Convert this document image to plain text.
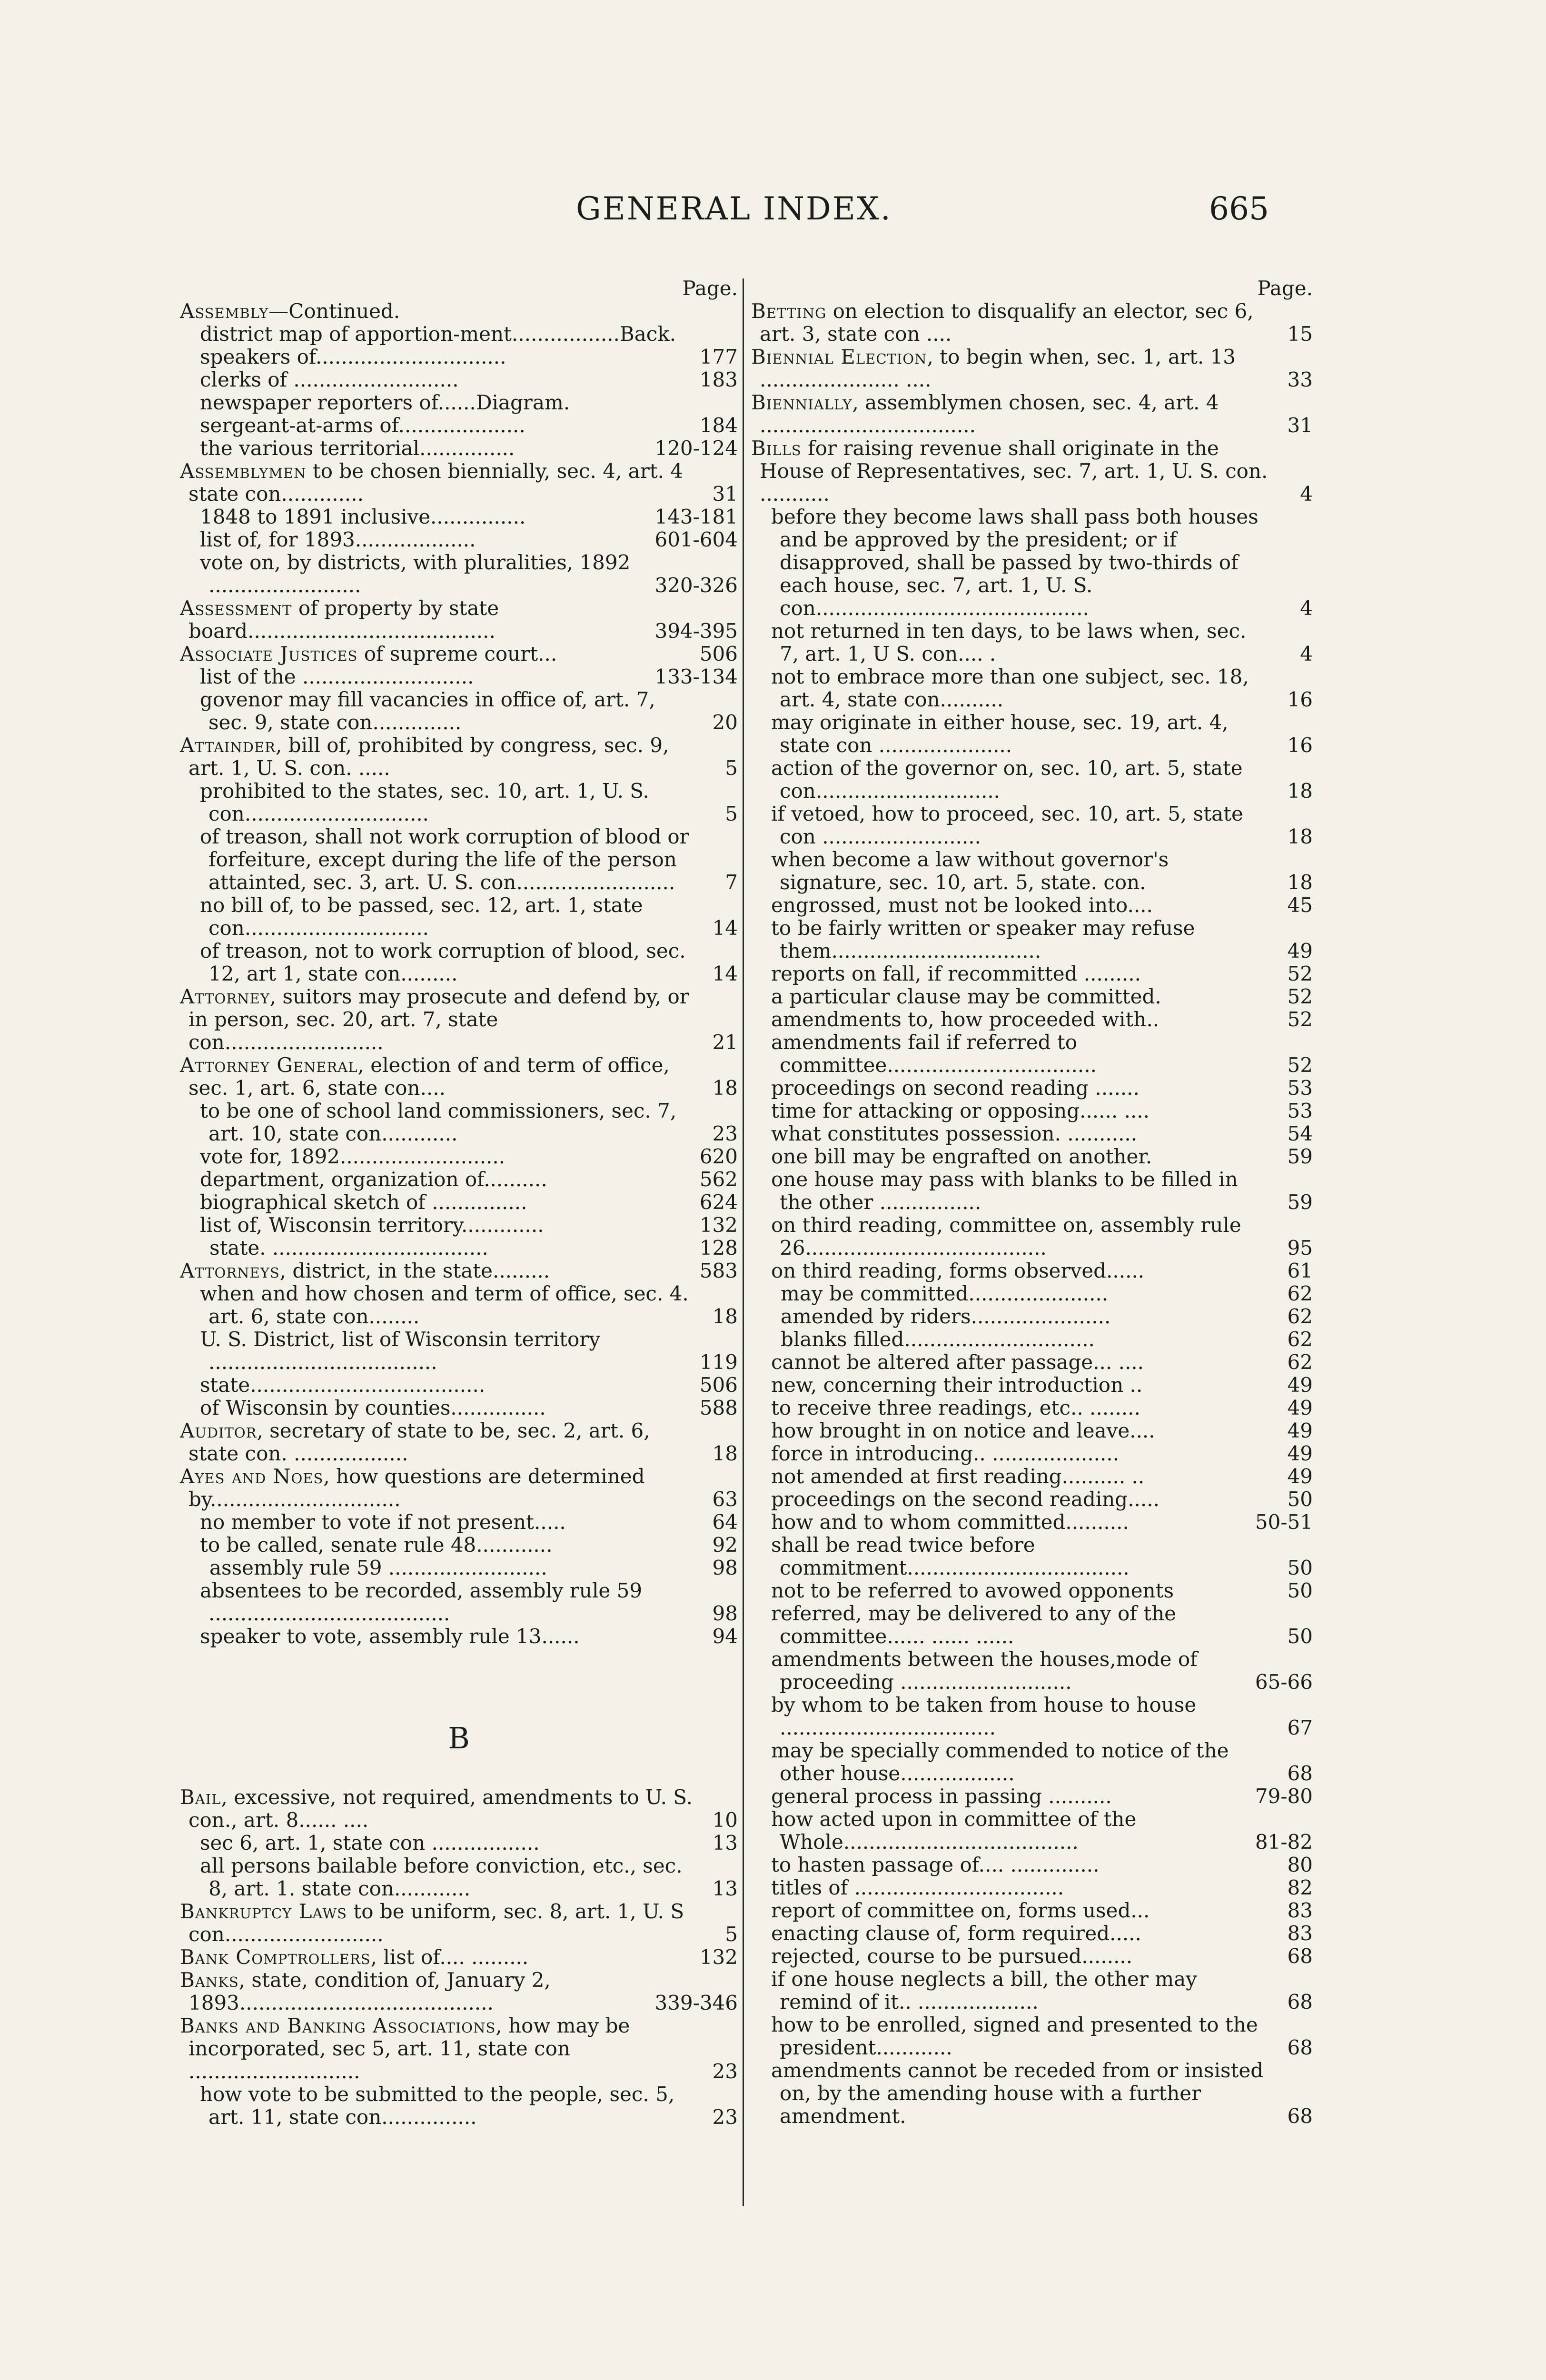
GENERAL INDEX.	665
Page.
Assembly—Continued.
district map of apportion-ment.................Back.
speakers of..............................	177
clerks of ..........................	183
newspaper reporters of......Diagram.
sergeant-at-arms of....................	184
the various territorial...............	120-124
Assemblymen to be chosen biennially, sec. 4, art. 4 state con.............	31
1848 to 1891 inclusive...............	143-181
list of, for 1893...................	601-604
vote on, by districts, with pluralities, 1892 ........................	320-326
Assessment of property by state board.......................................	394-395
Associate Justices of supreme court...	506
list of the ...........................	133-134
govenor may fill vacancies in office of, art. 7, sec. 9, state con..............	20
Attainder, bill of, prohibited by congress, sec. 9, art. 1, U. S. con. .....	5
prohibited to the states, sec. 10, art. 1, U. S. con.............................	5
of treason, shall not work corruption of blood or forfeiture, except during the life of the person attainted, sec. 3, art. U. S. con.........................	7
no bill of, to be passed, sec. 12, art. 1, state con.............................	14
of treason, not to work corruption of blood, sec. 12, art 1, state con.........	14
Attorney, suitors may prosecute and defend by, or in person, sec. 20, art. 7, state con.........................	21
Attorney General, election of and term of office, sec. 1, art. 6, state con....	18
to be one of school land commissioners, sec. 7, art. 10, state con............	23
vote for, 1892..........................	620
department, organization of..........	562
biographical sketch of ...............	624
list of, Wisconsin territory.............	132
state. ..................................	128
Attorneys, district, in the state.........	583
when and how chosen and term of office, sec. 4. art. 6, state con........	18
U. S. District, list of Wisconsin territory ....................................	119
state.....................................	506
of Wisconsin by counties...............	588
Auditor, secretary of state to be, sec. 2, art. 6, state con. ..................	18
Ayes and Noes, how questions are determined by..............................	63
no member to vote if not present.....	64
to be called, senate rule 48............	92
assembly rule 59 .........................	98
absentees to be recorded, assembly rule 59 ......................................	98
speaker to vote, assembly rule 13......	94
B
Bail, excessive, not required, amendments to U. S. con., art. 8...... ....	10
sec 6, art. 1, state con .................	13
all persons bailable before conviction, etc., sec. 8, art. 1. state con............	13
Bankruptcy Laws to be uniform, sec. 8, art. 1, U. S con.........................	5
Bank Comptrollers, list of.... .........	132
Banks, state, condition of, January 2, 1893........................................	339-346
Banks and Banking Associations, how may be incorporated, sec 5, art. 11, state con ...........................	23
how vote to be submitted to the people, sec. 5, art. 11, state con...............	23
Page.
Betting on election to disqualify an elector, sec 6, art. 3, state con ....	15
Biennial Election, to begin when, sec. 1, art. 13 ...................... ....	33
Biennially, assemblymen chosen, sec. 4, art. 4 ..................................	31
Bills for raising revenue shall originate in the House of Representatives, sec. 7, art. 1, U. S. con. ...........	4
before they become laws shall pass both houses and be approved by the president; or if disapproved, shall be passed by two-thirds of each house, sec. 7, art. 1, U. S. con...........................................	4
not returned in ten days, to be laws when, sec. 7, art. 1, U S. con.... .	4
not to embrace more than one subject, sec. 18, art. 4, state con..........	16
may originate in either house, sec. 19, art. 4, state con .....................	16
action of the governor on, sec. 10, art. 5, state con.............................	18
if vetoed, how to proceed, sec. 10, art. 5, state con .........................	18
when become a law without governor's signature, sec. 10, art. 5, state. con.	18
engrossed, must not be looked into....	45
to be fairly written or speaker may refuse them.................................	49
reports on fall, if recommitted .........	52
a particular clause may be committed.	52
amendments to, how proceeded with..	52
amendments fail if referred to committee.................................	52
proceedings on second reading .......	53
time for attacking or opposing...... ....	53
what constitutes possession. ...........	54
one bill may be engrafted on another.	59
one house may pass with blanks to be filled in the other ................	59
on third reading, committee on, assembly rule 26......................................	95
on third reading, forms observed......	61
may be committed......................	62
amended by riders......................	62
blanks filled..............................	62
cannot be altered after passage... ....	62
new, concerning their introduction ..	49
to receive three readings, etc.. ........	49
how brought in on notice and leave....	49
force in introducing.. ....................	49
not amended at first reading.......... ..	49
proceedings on the second reading.....	50
how and to whom committed..........	50-51
shall be read twice before commitment...................................	50
not to be referred to avowed opponents	50
referred, may be delivered to any of the committee...... ...... ......	50
amendments between the houses,mode of proceeding ...........................	65-66
by whom to be taken from house to house ..................................	67
may be specially commended to notice of the other house..................	68
general process in passing ..........	79-80
how acted upon in committee of the Whole.....................................	81-82
to hasten passage of.... ..............	80
titles of .................................	82
report of committee on, forms used...	83
enacting clause of, form required.....	83
rejected, course to be pursued........	68
if one house neglects a bill, the other may remind of it.. ...................	68
how to be enrolled, signed and presented to the president............	68
amendments cannot be receded from or insisted on, by the amending house with a further amendment.	68
